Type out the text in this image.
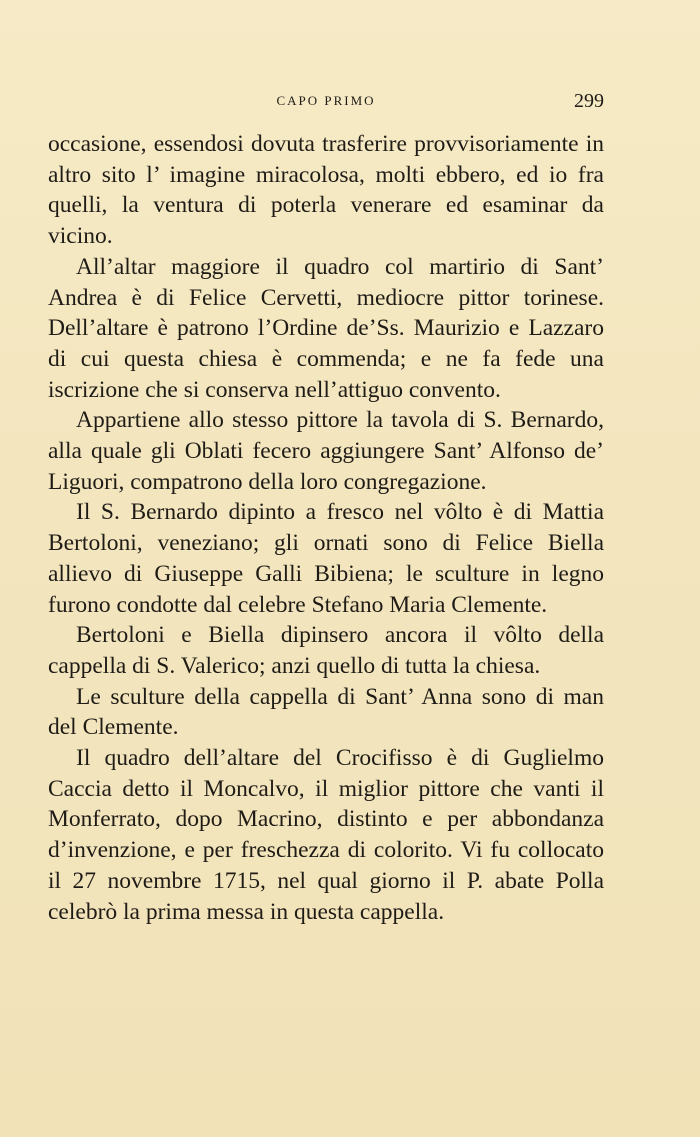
CAPO PRIMO	299

occasione, essendosi dovuta trasferire provvisoriamente in altro sito l’ imagine miracolosa, molti ebbero, ed io fra quelli, la ventura di poterla venerare ed esaminar da vicino.

All’altar maggiore il quadro col martirio di Sant’ Andrea è di Felice Cervetti, mediocre pittor torinese. Dell’altare è patrono l’Ordine de’Ss. Maurizio e Lazzaro di cui questa chiesa è commenda; e ne fa fede una iscrizione che si conserva nell’attiguo convento.

Appartiene allo stesso pittore la tavola di S. Bernardo, alla quale gli Oblati fecero aggiungere Sant’ Alfonso de’ Liguori, compatrono della loro congregazione.

Il S. Bernardo dipinto a fresco nel vôlto è di Mattia Bertoloni, veneziano; gli ornati sono di Felice Biella allievo di Giuseppe Galli Bibiena; le sculture in legno furono condotte dal celebre Stefano Maria Clemente.

Bertoloni e Biella dipinsero ancora il vôlto della cappella di S. Valerico; anzi quello di tutta la chiesa.

Le sculture della cappella di Sant’ Anna sono di man del Clemente.

Il quadro dell’altare del Crocifisso è di Guglielmo Caccia detto il Moncalvo, il miglior pittore che vanti il Monferrato, dopo Macrino, distinto e per abbondanza d’invenzione, e per freschezza di colorito. Vi fu collocato il 27 novembre 1715, nel qual giorno il P. abate Polla celebrò la prima messa in questa cappella.
